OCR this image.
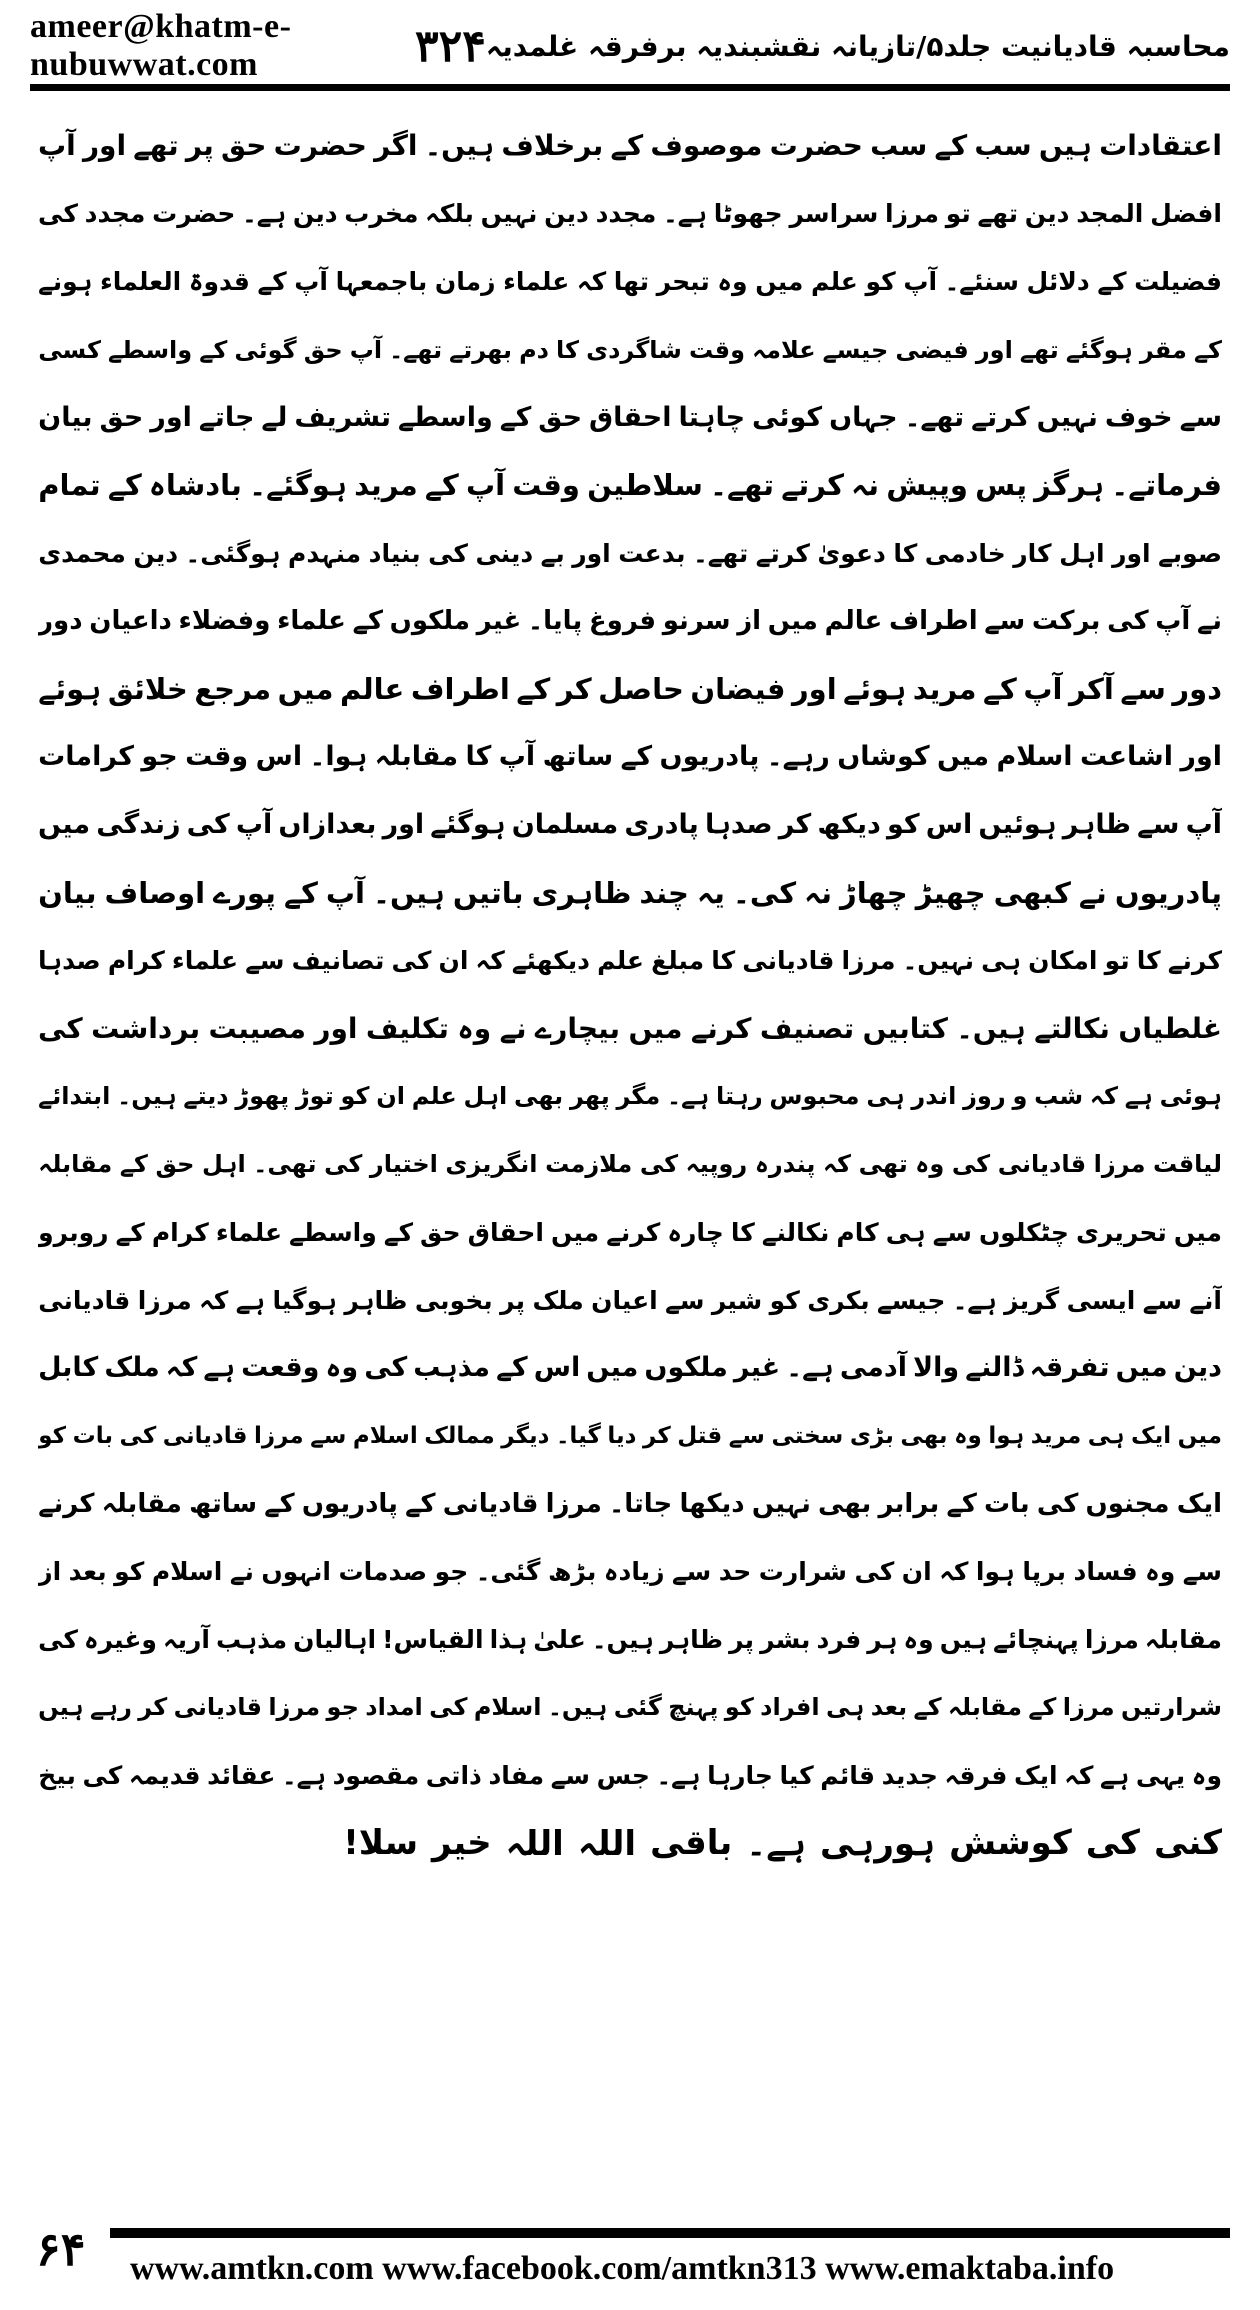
ameer@khatm-e-nubuwwat.com	۳۲۴ محاسبہ قادیانیت جلد۵/تازیانہ نقشبندیہ برفرقہ غلمدیہ
اعتقادات
ہیں
سب
کے
سب
حضرت
موصوف
کے
برخلاف
ہیں۔
اگر
حضرت
حق
پر
تھے
اور
آپ
افضل
المجد
دین
تھے
تو
مرزا
سراسر
جھوٹا
ہے۔
مجدد
دین
نہیں
بلکہ
مخرب
دین
ہے۔
حضرت
مجدد
کی
فضیلت
کے
دلائل
سنئے۔
آپ
کو
علم
میں
وہ
تبحر
تھا
کہ
علماء
زمان
باجمعہا
آپ
کے
قدوۃ
العلماء
ہونے
کے
مقر
ہوگئے
تھے
اور
فیضی
جیسے
علامہ
وقت
شاگردی
کا
دم
بھرتے
تھے۔
آپ
حق
گوئی
کے
واسطے
کسی
سے
خوف
نہیں
کرتے
تھے۔
جہاں
کوئی
چاہتا
احقاق
حق
کے
واسطے
تشریف
لے
جاتے
اور
حق
بیان
فرماتے۔
ہرگز
پس
وپیش
نہ
کرتے
تھے۔
سلاطین
وقت
آپ
کے
مرید
ہوگئے۔
بادشاہ
کے
تمام
صوبے
اور
اہل
کار
خادمی
کا
دعویٰ
کرتے
تھے۔
بدعت
اور
بے
دینی
کی
بنیاد
منہدم
ہوگئی۔
دین
محمدی
نے
آپ
کی
برکت
سے
اطراف
عالم
میں
از
سرنو
فروغ
پایا۔
غیر
ملکوں
کے
علماء
وفضلاء
داعیان
دور
دور
سے
آکر
آپ
کے
مرید
ہوئے
اور
فیضان
حاصل
کر
کے
اطراف
عالم
میں
مرجع
خلائق
ہوئے
اور
اشاعت
اسلام
میں
کوشاں
رہے۔
پادریوں
کے
ساتھ
آپ
کا
مقابلہ
ہوا۔
اس
وقت
جو
کرامات
آپ
سے
ظاہر
ہوئیں
اس
کو
دیکھ
کر
صدہا
پادری
مسلمان
ہوگئے
اور
بعدازاں
آپ
کی
زندگی
میں
پادریوں
نے
کبھی
چھیڑ
چھاڑ
نہ
کی۔
یہ
چند
ظاہری
باتیں
ہیں۔
آپ
کے
پورے
اوصاف
بیان
کرنے
کا
تو
امکان
ہی
نہیں۔
مرزا
قادیانی
کا
مبلغ
علم
دیکھئے
کہ
ان
کی
تصانیف
سے
علماء
کرام
صدہا
غلطیاں
نکالتے
ہیں۔
کتابیں
تصنیف
کرنے
میں
بیچارے
نے
وہ
تکلیف
اور
مصیبت
برداشت
کی
ہوئی
ہے
کہ
شب
و
روز
اندر
ہی
محبوس
رہتا
ہے۔
مگر
پھر
بھی
اہل
علم
ان
کو
توڑ
پھوڑ
دیتے
ہیں۔
ابتدائے
لیاقت
مرزا
قادیانی
کی
وہ
تھی
کہ
پندرہ
روپیہ
کی
ملازمت
انگریزی
اختیار
کی
تھی۔
اہل
حق
کے
مقابلہ
میں
تحریری
چٹکلوں
سے
ہی
کام
نکالنے
کا
چارہ
کرنے
میں
احقاق
حق
کے
واسطے
علماء
کرام
کے
روبرو
آنے
سے
ایسی
گریز
ہے۔
جیسے
بکری
کو
شیر
سے
اعیان
ملک
پر
بخوبی
ظاہر
ہوگیا
ہے
کہ
مرزا
قادیانی
دین
میں
تفرقہ
ڈالنے
والا
آدمی
ہے۔
غیر
ملکوں
میں
اس
کے
مذہب
کی
وہ
وقعت
ہے
کہ
ملک
کابل
میں
ایک
ہی
مرید
ہوا
وہ
بھی
بڑی
سختی
سے
قتل
کر
دیا
گیا۔
دیگر
ممالک
اسلام
سے
مرزا
قادیانی
کی
بات
کو
ایک
مجنوں
کی
بات
کے
برابر
بھی
نہیں
دیکھا
جاتا۔
مرزا
قادیانی
کے
پادریوں
کے
ساتھ
مقابلہ
کرنے
سے
وہ
فساد
برپا
ہوا
کہ
ان
کی
شرارت
حد
سے
زیادہ
بڑھ
گئی۔
جو
صدمات
انہوں
نے
اسلام
کو
بعد
از
مقابلہ
مرزا
پہنچائے
ہیں
وہ
ہر
فرد
بشر
پر
ظاہر
ہیں۔
علیٰ
ہذا
القیاس!
اہالیان
مذہب
آریہ
وغیرہ
کی
شرارتیں
مرزا
کے
مقابلہ
کے
بعد
ہی
افراد
کو
پہنچ
گئی
ہیں۔
اسلام
کی
امداد
جو
مرزا
قادیانی
کر
رہے
ہیں
وہ
یہی
ہے
کہ
ایک
فرقہ
جدید
قائم
کیا
جارہا
ہے۔
جس
سے
مفاد
ذاتی
مقصود
ہے۔
عقائد
قدیمہ
کی
بیخ
کنی
کی
کوشش
ہورہی
ہے۔
باقی
اللہ
اللہ
خیر
سلا!
۶۴ www.amtkn.com www.facebook.com/amtkn313 www.emaktaba.info
